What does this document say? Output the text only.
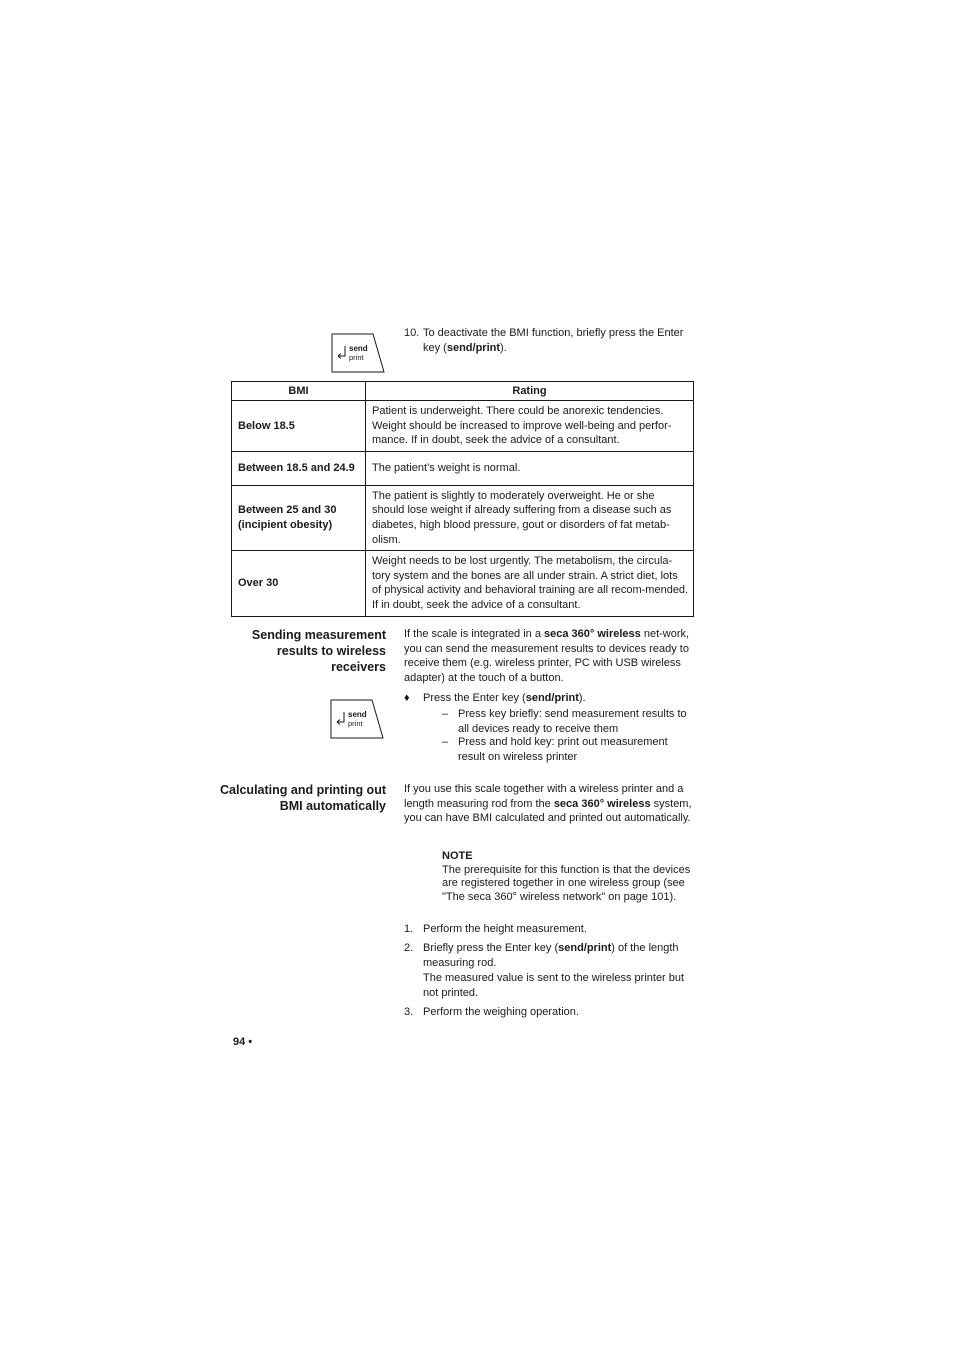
send
print
10. To deactivate the BMI function, briefly press the Enter key (send/print).
BMI	Rating
Below 18.5	Patient is underweight. There could be anorexic tendencies. Weight should be increased to improve well-being and perfor-mance. If in doubt, seek the advice of a consultant.
Between 18.5 and 24.9	The patient’s weight is normal.
Between 25 and 30 (incipient obesity)	The patient is slightly to moderately overweight. He or she should lose weight if already suffering from a disease such as diabetes, high blood pressure, gout or disorders of fat metab-olism.
Over 30	Weight needs to be lost urgently. The metabolism, the circula-tory system and the bones are all under strain. A strict diet, lots of physical activity and behavioral training are all recom-mended. If in doubt, seek the advice of a consultant.
Sending measurement results to wireless receivers
If the scale is integrated in a seca 360° wireless net-work, you can send the measurement results to devices ready to receive them (e.g. wireless printer, PC with USB wireless adapter) at the touch of a button.
send
print
♦ Press the Enter key (send/print).
– Press key briefly: send measurement results to all devices ready to receive them
– Press and hold key: print out measurement result on wireless printer
Calculating and printing out BMI automatically
If you use this scale together with a wireless printer and a length measuring rod from the seca 360° wireless system, you can have BMI calculated and printed out automatically.
NOTE
The prerequisite for this function is that the devices are registered together in one wireless group (see "The seca 360° wireless network" on page 101).
1. Perform the height measurement.
2. Briefly press the Enter key (send/print) of the length measuring rod.
The measured value is sent to the wireless printer but not printed.
3. Perform the weighing operation.
94 •
